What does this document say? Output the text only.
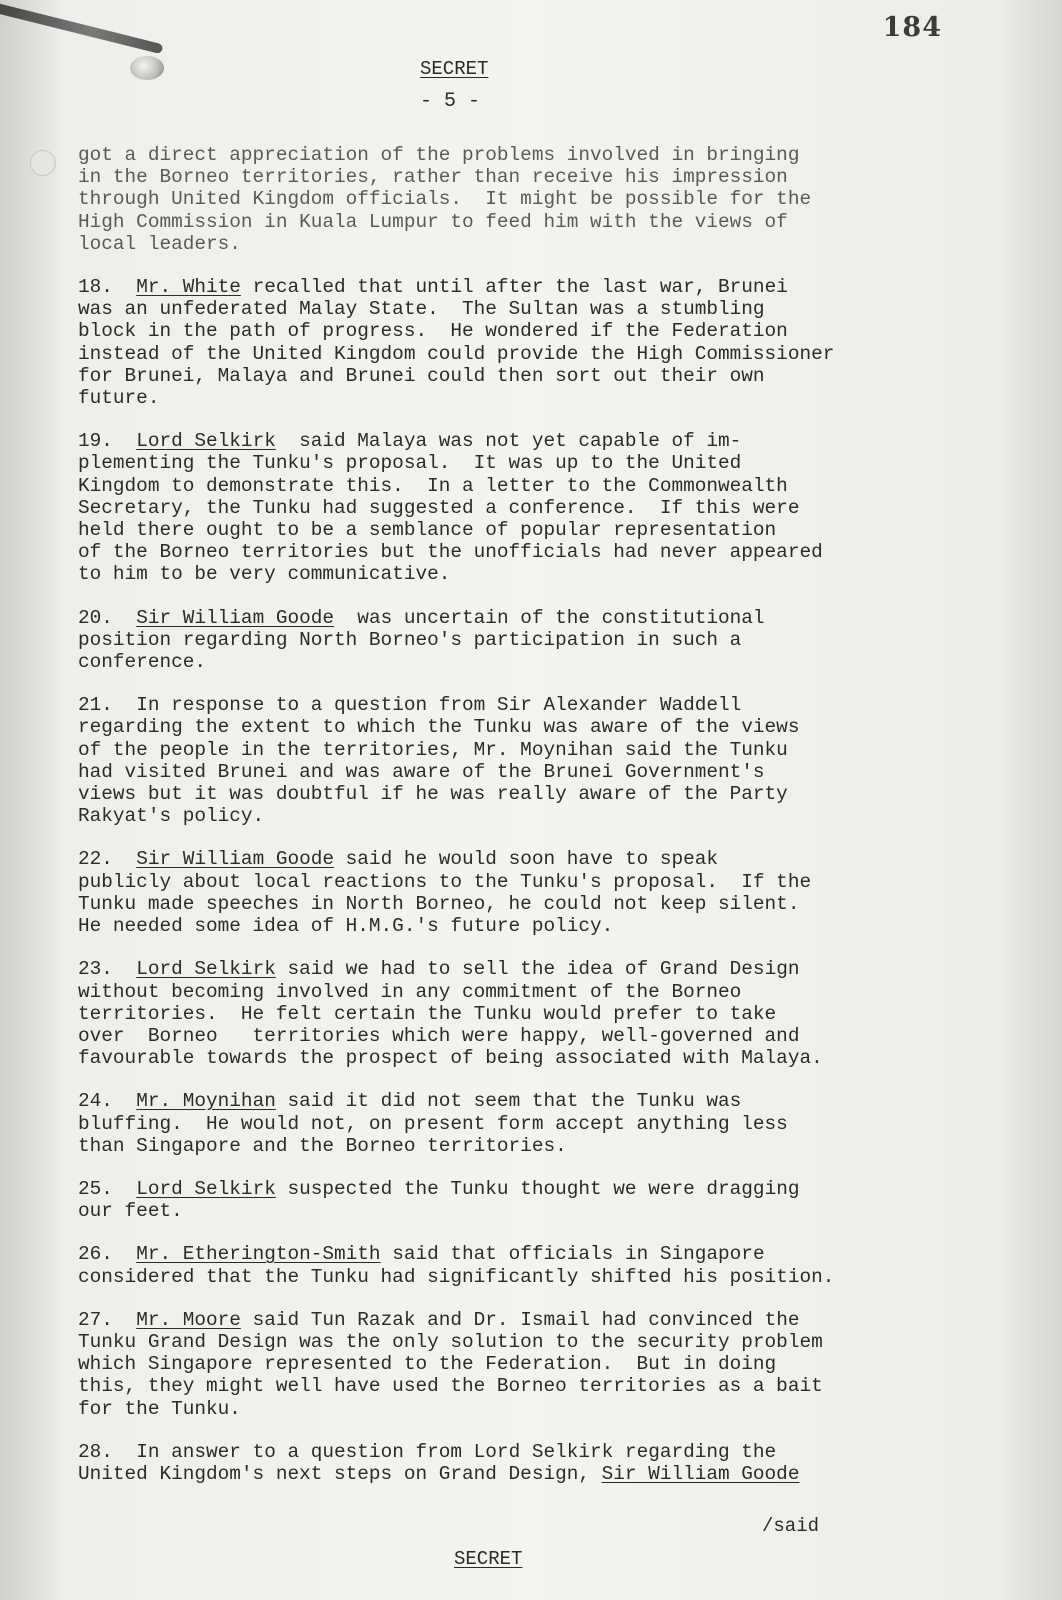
184
SECRET
- 5 -
got a direct appreciation of the problems involved in bringing
in the Borneo territories, rather than receive his impression
through United Kingdom officials.  It might be possible for the
High Commission in Kuala Lumpur to feed him with the views of
local leaders.
18. Mr. White recalled that until after the last war, Brunei
was an unfederated Malay State.  The Sultan was a stumbling
block in the path of progress.  He wondered if the Federation
instead of the United Kingdom could provide the High Commissioner
for Brunei, Malaya and Brunei could then sort out their own
future.
19. Lord Selkirk  said Malaya was not yet capable of im-
plementing the Tunku's proposal.  It was up to the United
Kingdom to demonstrate this.  In a letter to the Commonwealth
Secretary, the Tunku had suggested a conference.  If this were
held there ought to be a semblance of popular representation
of the Borneo territories but the unofficials had never appeared
to him to be very communicative.
20. Sir William Goode  was uncertain of the constitutional
position regarding North Borneo's participation in such a
conference.
21. In response to a question from Sir Alexander Waddell
regarding the extent to which the Tunku was aware of the views
of the people in the territories, Mr. Moynihan said the Tunku
had visited Brunei and was aware of the Brunei Government's
views but it was doubtful if he was really aware of the Party
Rakyat's policy.
22. Sir William Goode said he would soon have to speak
publicly about local reactions to the Tunku's proposal.  If the
Tunku made speeches in North Borneo, he could not keep silent.
He needed some idea of H.M.G.'s future policy.
23. Lord Selkirk said we had to sell the idea of Grand Design
without becoming involved in any commitment of the Borneo
territories.  He felt certain the Tunku would prefer to take
over  Borneo   territories which were happy, well-governed and
favourable towards the prospect of being associated with Malaya.
24. Mr. Moynihan said it did not seem that the Tunku was
bluffing.  He would not, on present form accept anything less
than Singapore and the Borneo territories.
25. Lord Selkirk suspected the Tunku thought we were dragging
our feet.
26. Mr. Etherington-Smith said that officials in Singapore
considered that the Tunku had significantly shifted his position.
27. Mr. Moore said Tun Razak and Dr. Ismail had convinced the
Tunku Grand Design was the only solution to the security problem
which Singapore represented to the Federation.  But in doing
this, they might well have used the Borneo territories as a bait
for the Tunku.
28. In answer to a question from Lord Selkirk regarding the
United Kingdom's next steps on Grand Design, Sir William Goode
/said
SECRET
